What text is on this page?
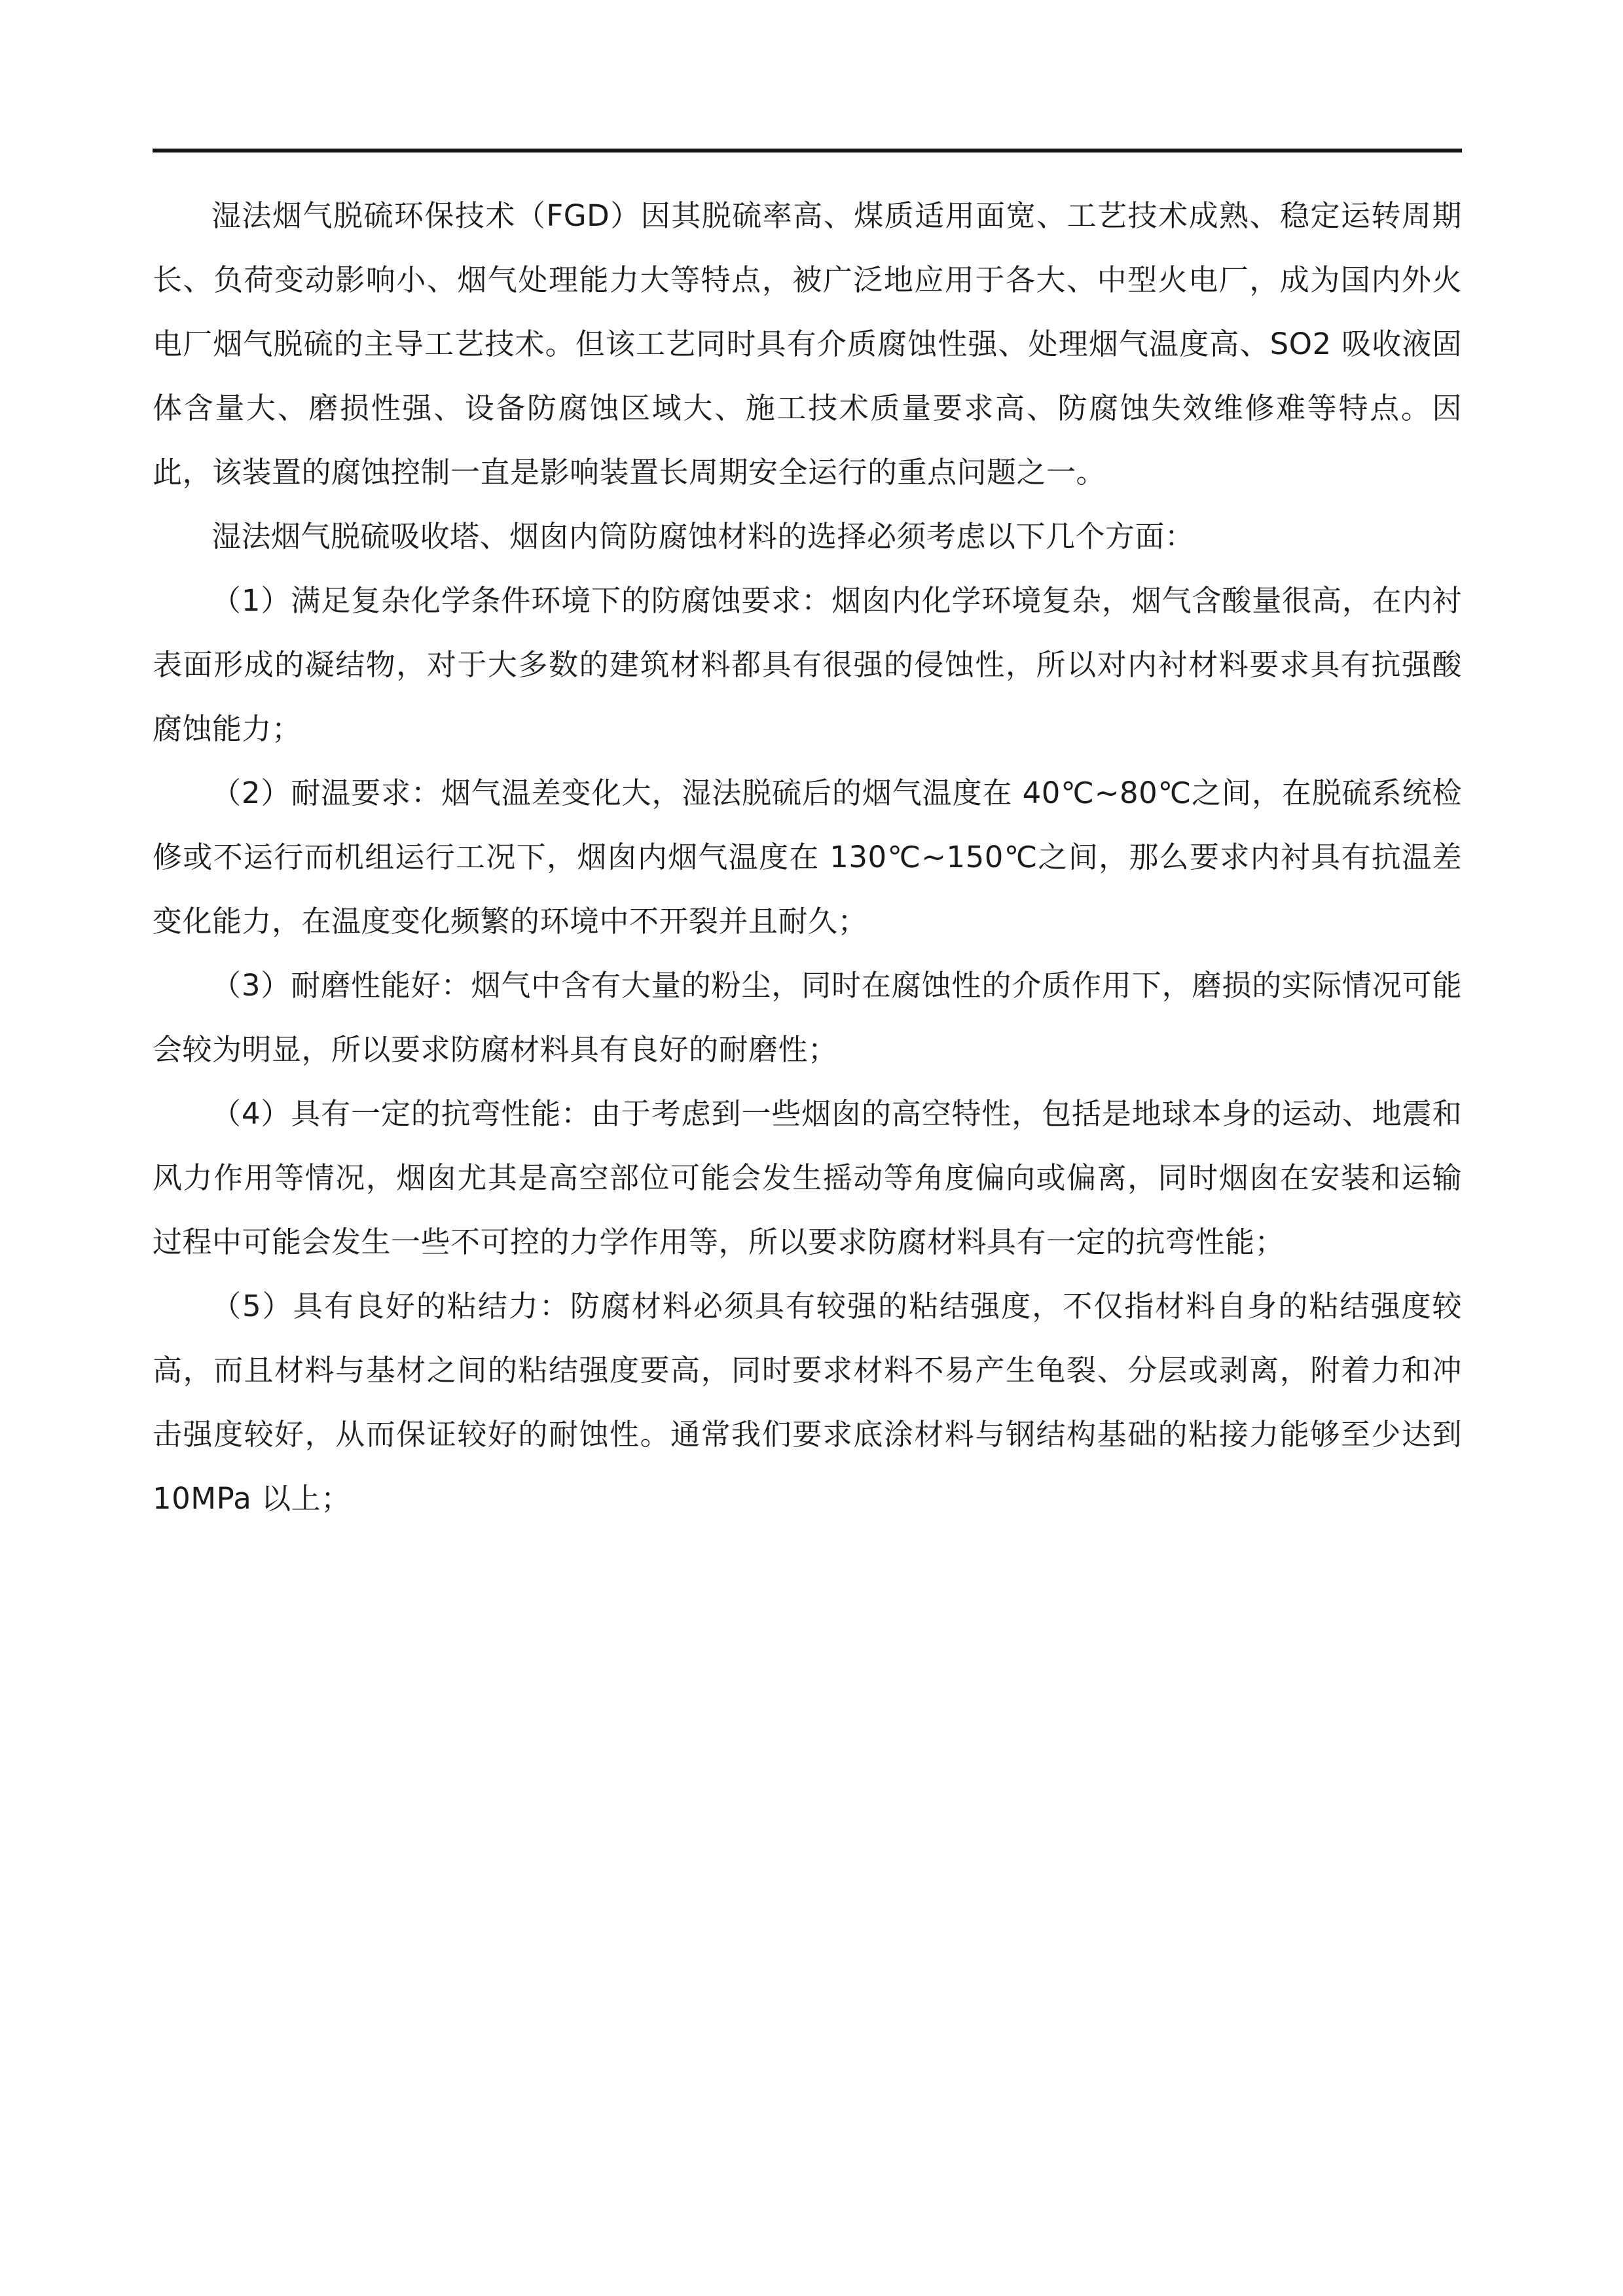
湿法烟气脱硫环保技术（FGD）因其脱硫率高、煤质适用面宽、工艺技术成熟、稳定运转周期长、负荷变动影响小、烟气处理能力大等特点，被广泛地应用于各大、中型火电厂，成为国内外火电厂烟气脱硫的主导工艺技术。但该工艺同时具有介质腐蚀性强、处理烟气温度高、SO2 吸收液固体含量大、磨损性强、设备防腐蚀区域大、施工技术质量要求高、防腐蚀失效维修难等特点。因此，该装置的腐蚀控制一直是影响装置长周期安全运行的重点问题之一。

湿法烟气脱硫吸收塔、烟囱内筒防腐蚀材料的选择必须考虑以下几个方面：

（1）满足复杂化学条件环境下的防腐蚀要求：烟囱内化学环境复杂，烟气含酸量很高，在内衬表面形成的凝结物，对于大多数的建筑材料都具有很强的侵蚀性，所以对内衬材料要求具有抗强酸腐蚀能力；

（2）耐温要求：烟气温差变化大，湿法脱硫后的烟气温度在 40℃~80℃之间，在脱硫系统检修或不运行而机组运行工况下，烟囱内烟气温度在 130℃~150℃之间，那么要求内衬具有抗温差变化能力，在温度变化频繁的环境中不开裂并且耐久；

（3）耐磨性能好：烟气中含有大量的粉尘，同时在腐蚀性的介质作用下，磨损的实际情况可能会较为明显，所以要求防腐材料具有良好的耐磨性；

（4）具有一定的抗弯性能：由于考虑到一些烟囱的高空特性，包括是地球本身的运动、地震和风力作用等情况，烟囱尤其是高空部位可能会发生摇动等角度偏向或偏离，同时烟囱在安装和运输过程中可能会发生一些不可控的力学作用等，所以要求防腐材料具有一定的抗弯性能；

（5）具有良好的粘结力：防腐材料必须具有较强的粘结强度，不仅指材料自身的粘结强度较高，而且材料与基材之间的粘结强度要高，同时要求材料不易产生龟裂、分层或剥离，附着力和冲击强度较好，从而保证较好的耐蚀性。通常我们要求底涂材料与钢结构基础的粘接力能够至少达到 10MPa 以上；
